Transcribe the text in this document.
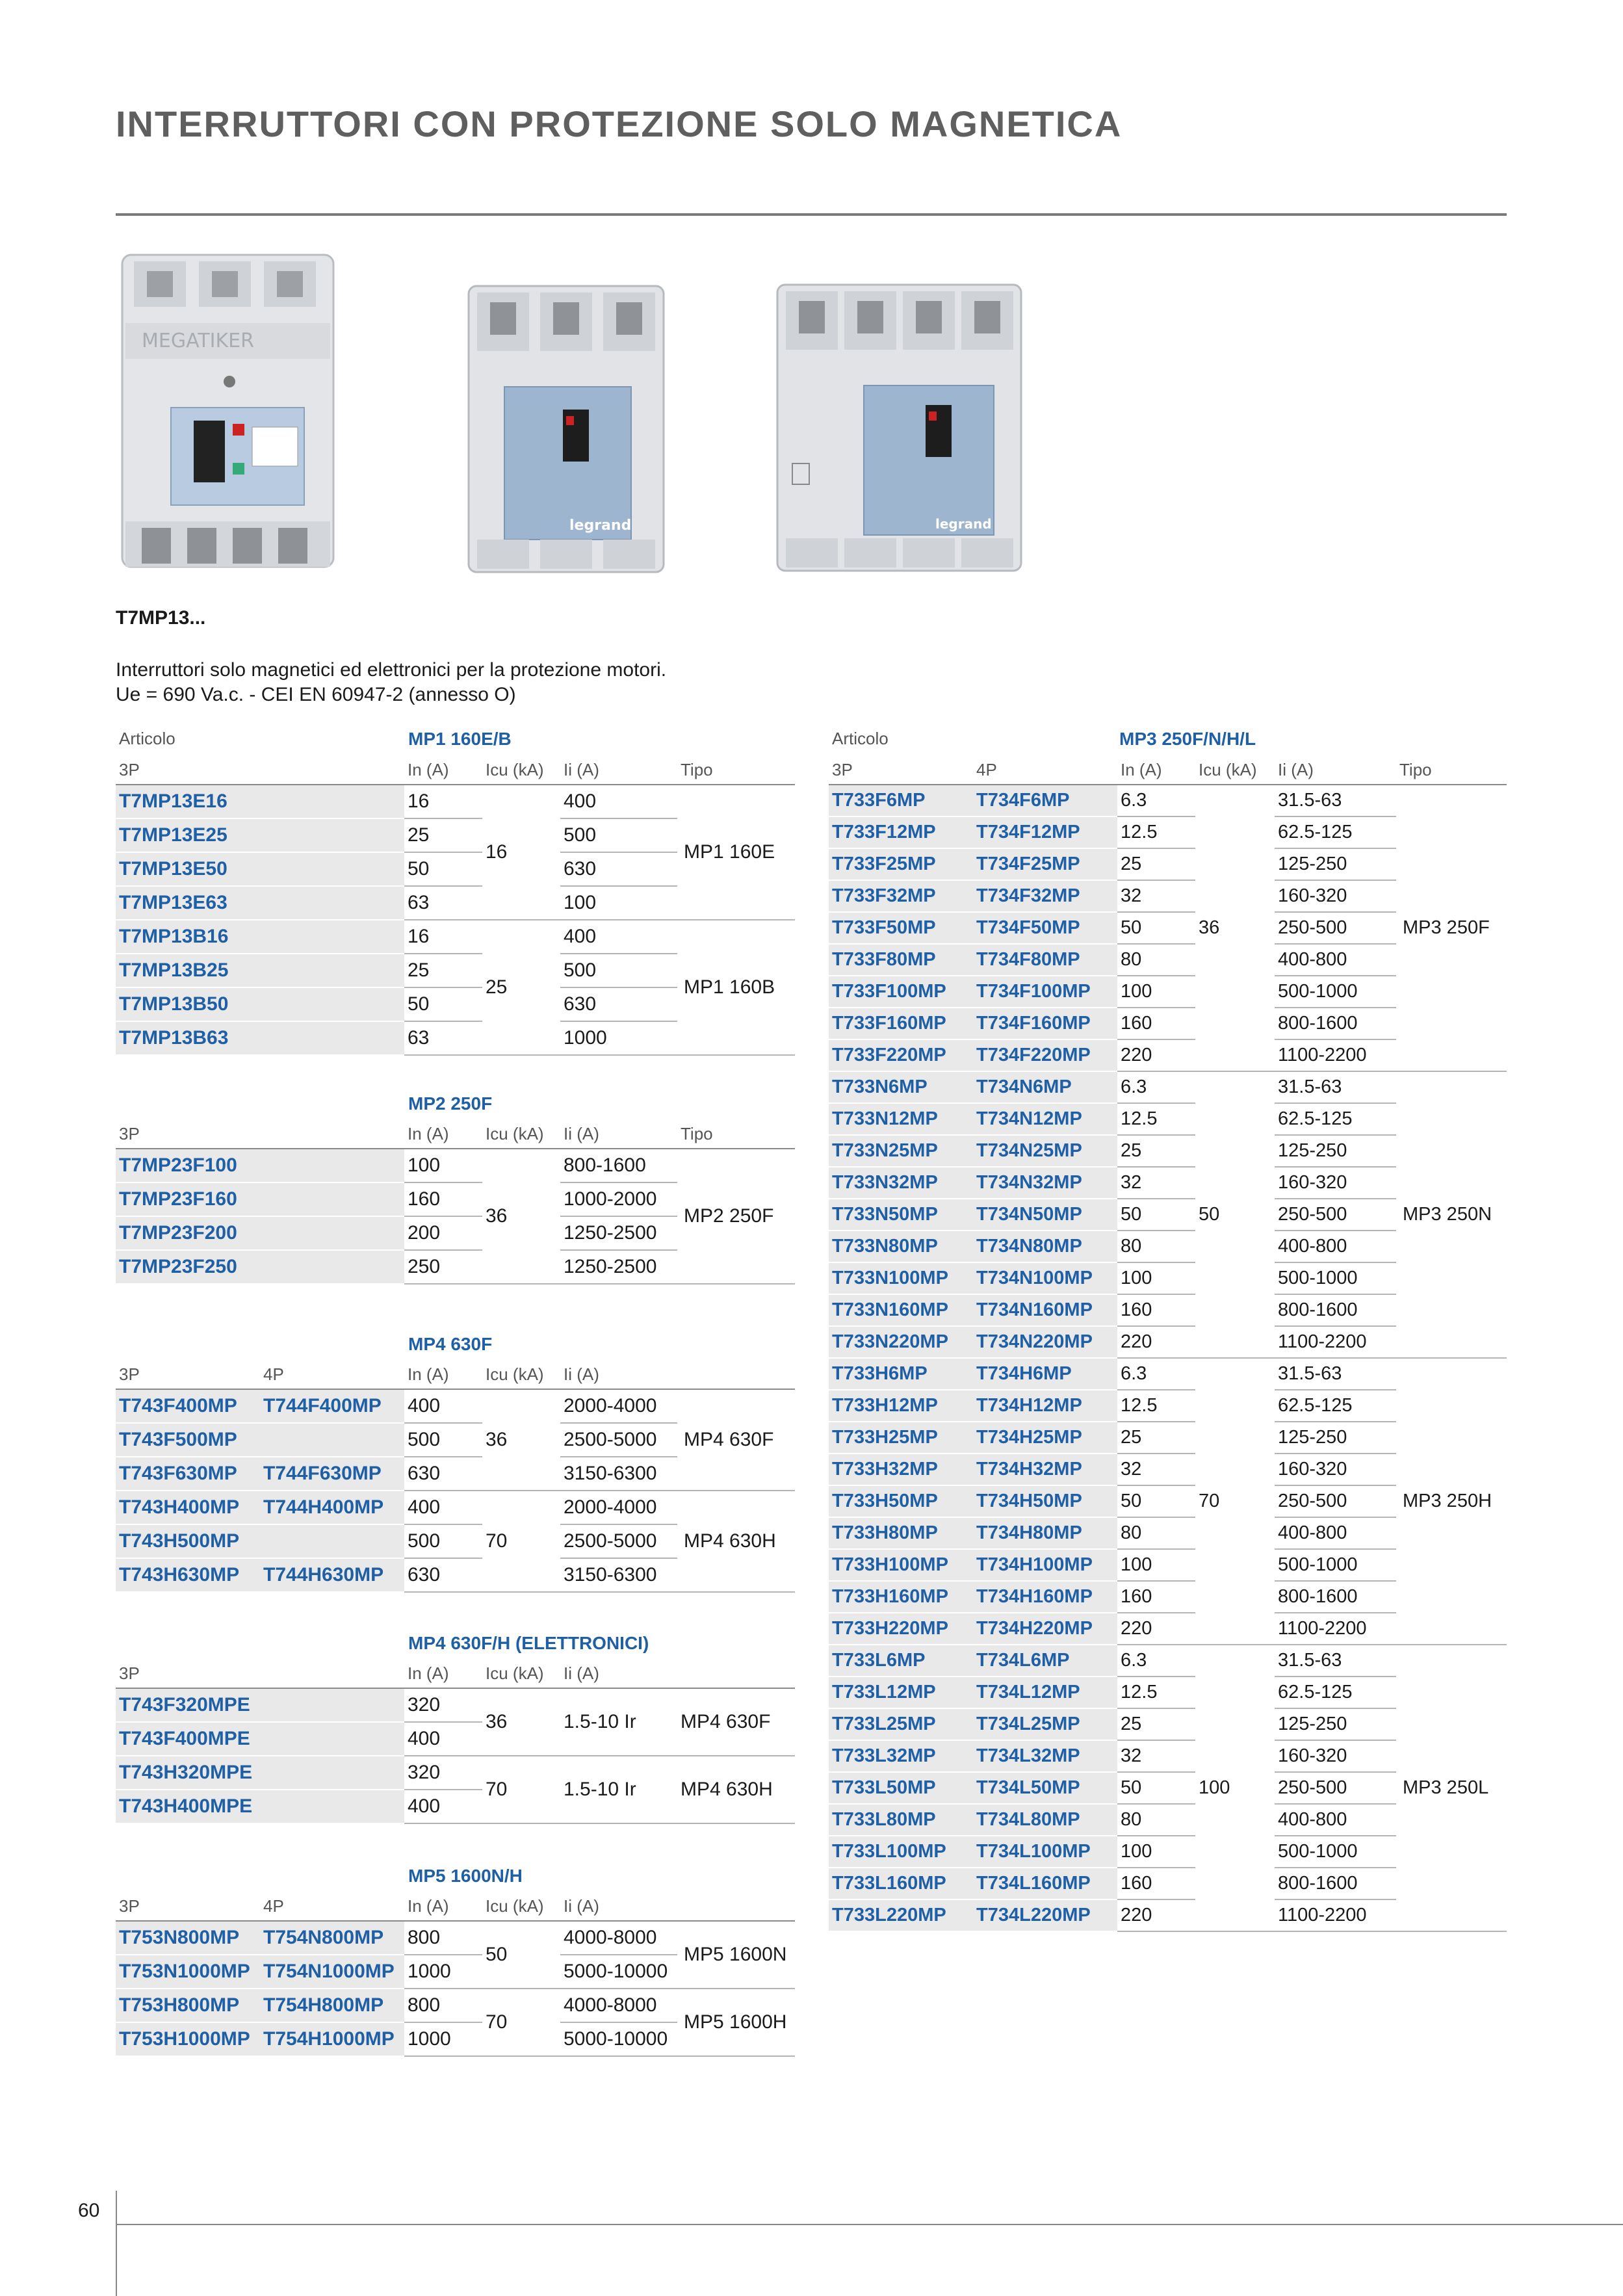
INTERRUTTORI CON PROTEZIONE SOLO MAGNETICA
MEGATIKER
legrand	legrand
T7MP13...
Interruttori solo magnetici ed elettronici per la protezione motori.
Ue = 690 Va.c. - CEI EN 60947-2 (annesso O)
Articolo	MP1 160E/B
3P	In (A)	Icu (kA)	Ii (A)	Tipo
T7MP13E16	16	16	400	MP1 160E
T7MP13E25	25		500	
T7MP13E50	50		630	
T7MP13E63	63		100	
T7MP13B16	16	25	400	MP1 160B
T7MP13B25	25		500	
T7MP13B50	50		630	
T7MP13B63	63		1000	
MP2 250F
3P	In (A)	Icu (kA)	Ii (A)	Tipo
T7MP23F100	100	36	800-1600	MP2 250F
T7MP23F160	160		1000-2000	
T7MP23F200	200		1250-2500	
T7MP23F250	250		1250-2500	
MP4 630F
3P	4P	In (A)	Icu (kA)	Ii (A)	
T743F400MP	T744F400MP	400	36	2000-4000	MP4 630F
T743F500MP		500		2500-5000	
T743F630MP	T744F630MP	630		3150-6300	
T743H400MP	T744H400MP	400	70	2000-4000	MP4 630H
T743H500MP		500		2500-5000	
T743H630MP	T744H630MP	630		3150-6300	
MP4 630F/H (ELETTRONICI)
3P	In (A)	Icu (kA)	Ii (A)	
T743F320MPE	320	36	1.5-10 Ir	MP4 630F
T743F400MPE	400			
T743H320MPE	320	70	1.5-10 Ir	MP4 630H
T743H400MPE	400			
MP5 1600N/H
3P	4P	In (A)	Icu (kA)	Ii (A)	
T753N800MP	T754N800MP	800	50	4000-8000	MP5 1600N
T753N1000MP	T754N1000MP	1000		5000-10000	
T753H800MP	T754H800MP	800	70	4000-8000	MP5 1600H
T753H1000MP	T754H1000MP	1000		5000-10000	
Articolo	MP3 250F/N/H/L
3P	4P	In (A)	Icu (kA)	Ii (A)	Tipo
T733F6MP	T734F6MP	6.3	36	31.5-63	MP3 250F
T733F12MP	T734F12MP	12.5		62.5-125	
T733F25MP	T734F25MP	25		125-250	
T733F32MP	T734F32MP	32		160-320	
T733F50MP	T734F50MP	50		250-500	
T733F80MP	T734F80MP	80		400-800	
T733F100MP	T734F100MP	100		500-1000	
T733F160MP	T734F160MP	160		800-1600	
T733F220MP	T734F220MP	220		1100-2200	
T733N6MP	T734N6MP	6.3	50	31.5-63	MP3 250N
T733N12MP	T734N12MP	12.5		62.5-125	
T733N25MP	T734N25MP	25		125-250	
T733N32MP	T734N32MP	32		160-320	
T733N50MP	T734N50MP	50		250-500	
T733N80MP	T734N80MP	80		400-800	
T733N100MP	T734N100MP	100		500-1000	
T733N160MP	T734N160MP	160		800-1600	
T733N220MP	T734N220MP	220		1100-2200	
T733H6MP	T734H6MP	6.3	70	31.5-63	MP3 250H
T733H12MP	T734H12MP	12.5		62.5-125	
T733H25MP	T734H25MP	25		125-250	
T733H32MP	T734H32MP	32		160-320	
T733H50MP	T734H50MP	50		250-500	
T733H80MP	T734H80MP	80		400-800	
T733H100MP	T734H100MP	100		500-1000	
T733H160MP	T734H160MP	160		800-1600	
T733H220MP	T734H220MP	220		1100-2200	
T733L6MP	T734L6MP	6.3	100	31.5-63	MP3 250L
T733L12MP	T734L12MP	12.5		62.5-125	
T733L25MP	T734L25MP	25		125-250	
T733L32MP	T734L32MP	32		160-320	
T733L50MP	T734L50MP	50		250-500	
T733L80MP	T734L80MP	80		400-800	
T733L100MP	T734L100MP	100		500-1000	
T733L160MP	T734L160MP	160		800-1600	
T733L220MP	T734L220MP	220		1100-2200	
60
